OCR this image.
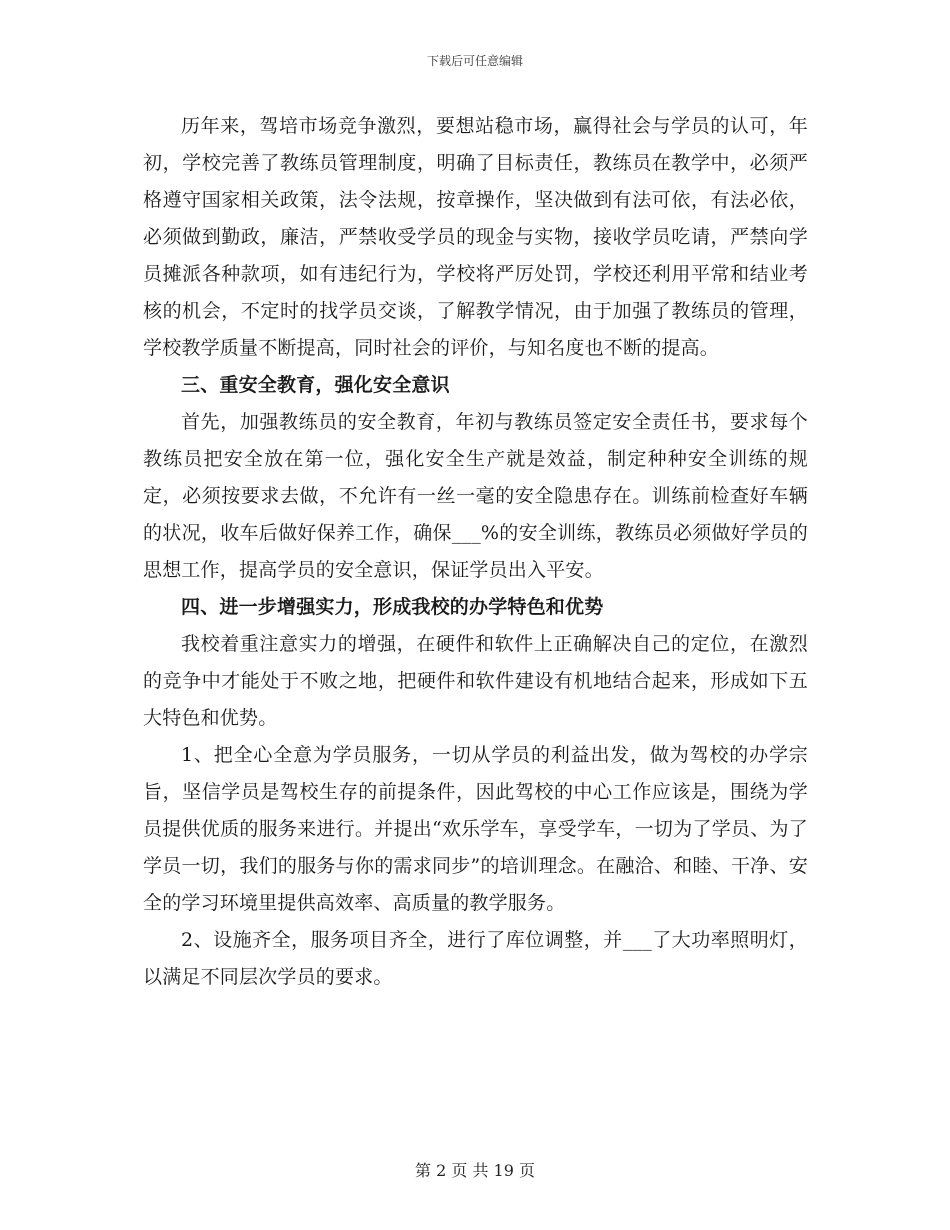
下载后可任意编辑

历年来，驾培市场竞争激烈，要想站稳市场，赢得社会与学员的认可，年初，学校完善了教练员管理制度，明确了目标责任，教练员在教学中，必须严格遵守国家相关政策，法令法规，按章操作，坚决做到有法可依，有法必依，必须做到勤政，廉洁，严禁收受学员的现金与实物，接收学员吃请，严禁向学员摊派各种款项，如有违纪行为，学校将严厉处罚，学校还利用平常和结业考核的机会，不定时的找学员交谈，了解教学情况，由于加强了教练员的管理，学校教学质量不断提高，同时社会的评价，与知名度也不断的提高。

三、重安全教育，强化安全意识

首先，加强教练员的安全教育，年初与教练员签定安全责任书，要求每个教练员把安全放在第一位，强化安全生产就是效益，制定种种安全训练的规定，必须按要求去做，不允许有一丝一毫的安全隐患存在。训练前检查好车辆的状况，收车后做好保养工作，确保___%的安全训练，教练员必须做好学员的思想工作，提高学员的安全意识，保证学员出入平安。

四、进一步增强实力，形成我校的办学特色和优势

我校着重注意实力的增强，在硬件和软件上正确解决自己的定位，在激烈的竞争中才能处于不败之地，把硬件和软件建设有机地结合起来，形成如下五大特色和优势。

1、把全心全意为学员服务，一切从学员的利益出发，做为驾校的办学宗旨，坚信学员是驾校生存的前提条件，因此驾校的中心工作应该是，围绕为学员提供优质的服务来进行。并提出“欢乐学车，享受学车，一切为了学员、为了学员一切，我们的服务与你的需求同步”的培训理念。在融洽、和睦、干净、安全的学习环境里提供高效率、高质量的教学服务。

2、设施齐全，服务项目齐全，进行了库位调整，并___了大功率照明灯，以满足不同层次学员的要求。

第 2 页 共 19 页
